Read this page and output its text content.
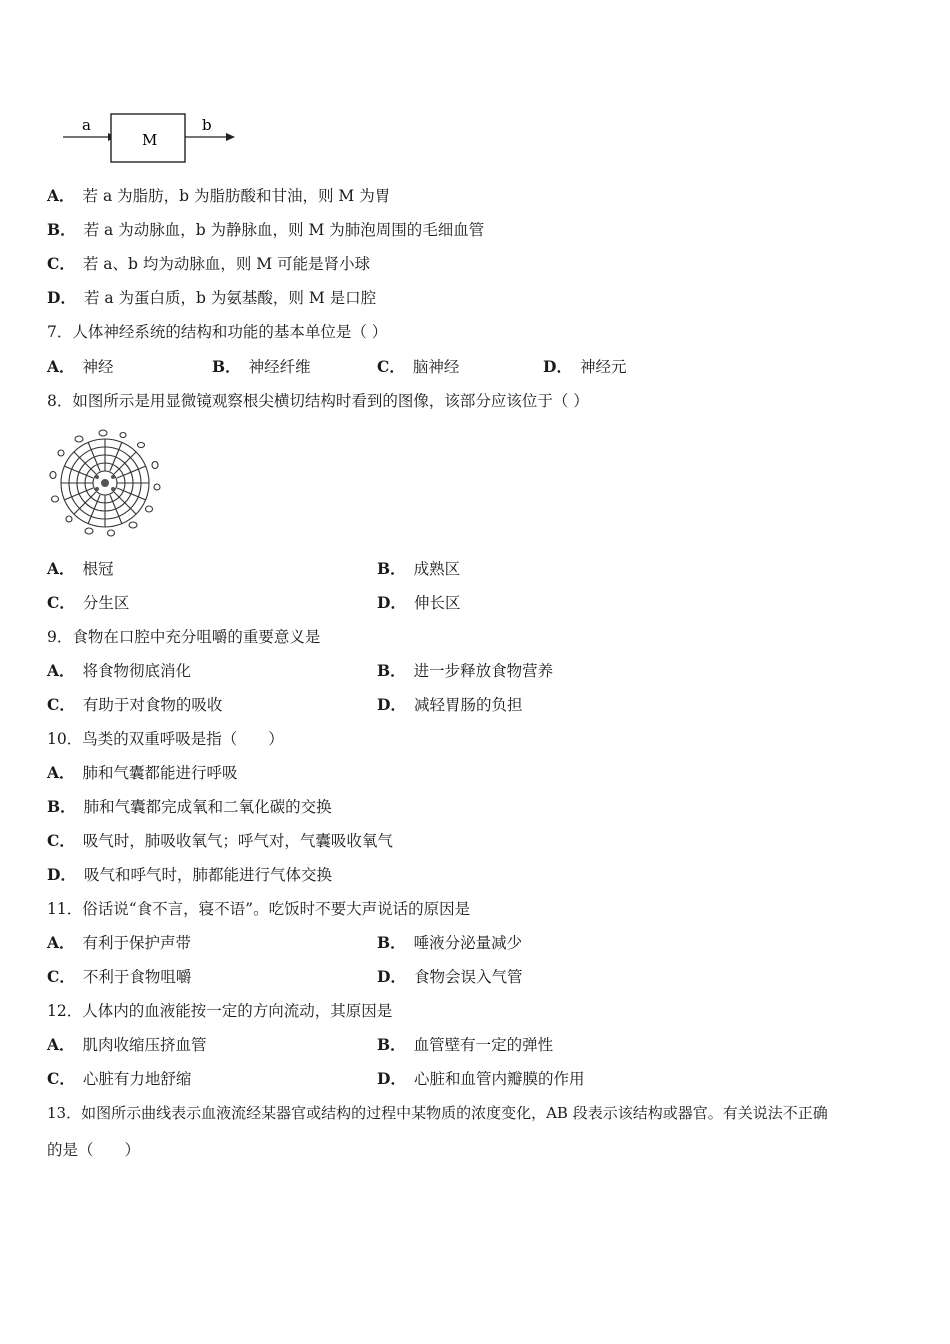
a
M
b
A． 若 a 为脂肪，b 为脂肪酸和甘油，则 M 为胃
B． 若 a 为动脉血，b 为静脉血，则 M 为肺泡周围的毛细血管
C． 若 a、b 均为动脉血，则 M 可能是肾小球
D． 若 a 为蛋白质，b 为氨基酸，则 M 是口腔
7．人体神经系统的结构和功能的基本单位是（ ）
A． 神经	B． 神经纤维	C． 脑神经	D． 神经元
8．如图所示是用显微镜观察根尖横切结构时看到的图像，该部分应该位于（ ）
A． 根冠	B． 成熟区
C． 分生区	D． 伸长区
9．食物在口腔中充分咀嚼的重要意义是
A． 将食物彻底消化	B． 进一步释放食物营养
C． 有助于对食物的吸收	D． 减轻胃肠的负担
10．鸟类的双重呼吸是指（　　）
A． 肺和气囊都能进行呼吸
B． 肺和气囊都完成氧和二氧化碳的交换
C． 吸气时，肺吸收氧气；呼气对，气囊吸收氧气
D． 吸气和呼气时，肺都能进行气体交换
11．俗话说“食不言，寝不语”。吃饭时不要大声说话的原因是
A． 有利于保护声带	B． 唾液分泌量减少
C． 不利于食物咀嚼	D． 食物会误入气管
12．人体内的血液能按一定的方向流动，其原因是
A． 肌肉收缩压挤血管	B． 血管壁有一定的弹性
C． 心脏有力地舒缩	D． 心脏和血管内瓣膜的作用
13．如图所示曲线表示血液流经某器官或结构的过程中某物质的浓度变化，AB 段表示该结构或器官。有关说法不正确
的是（　　）
